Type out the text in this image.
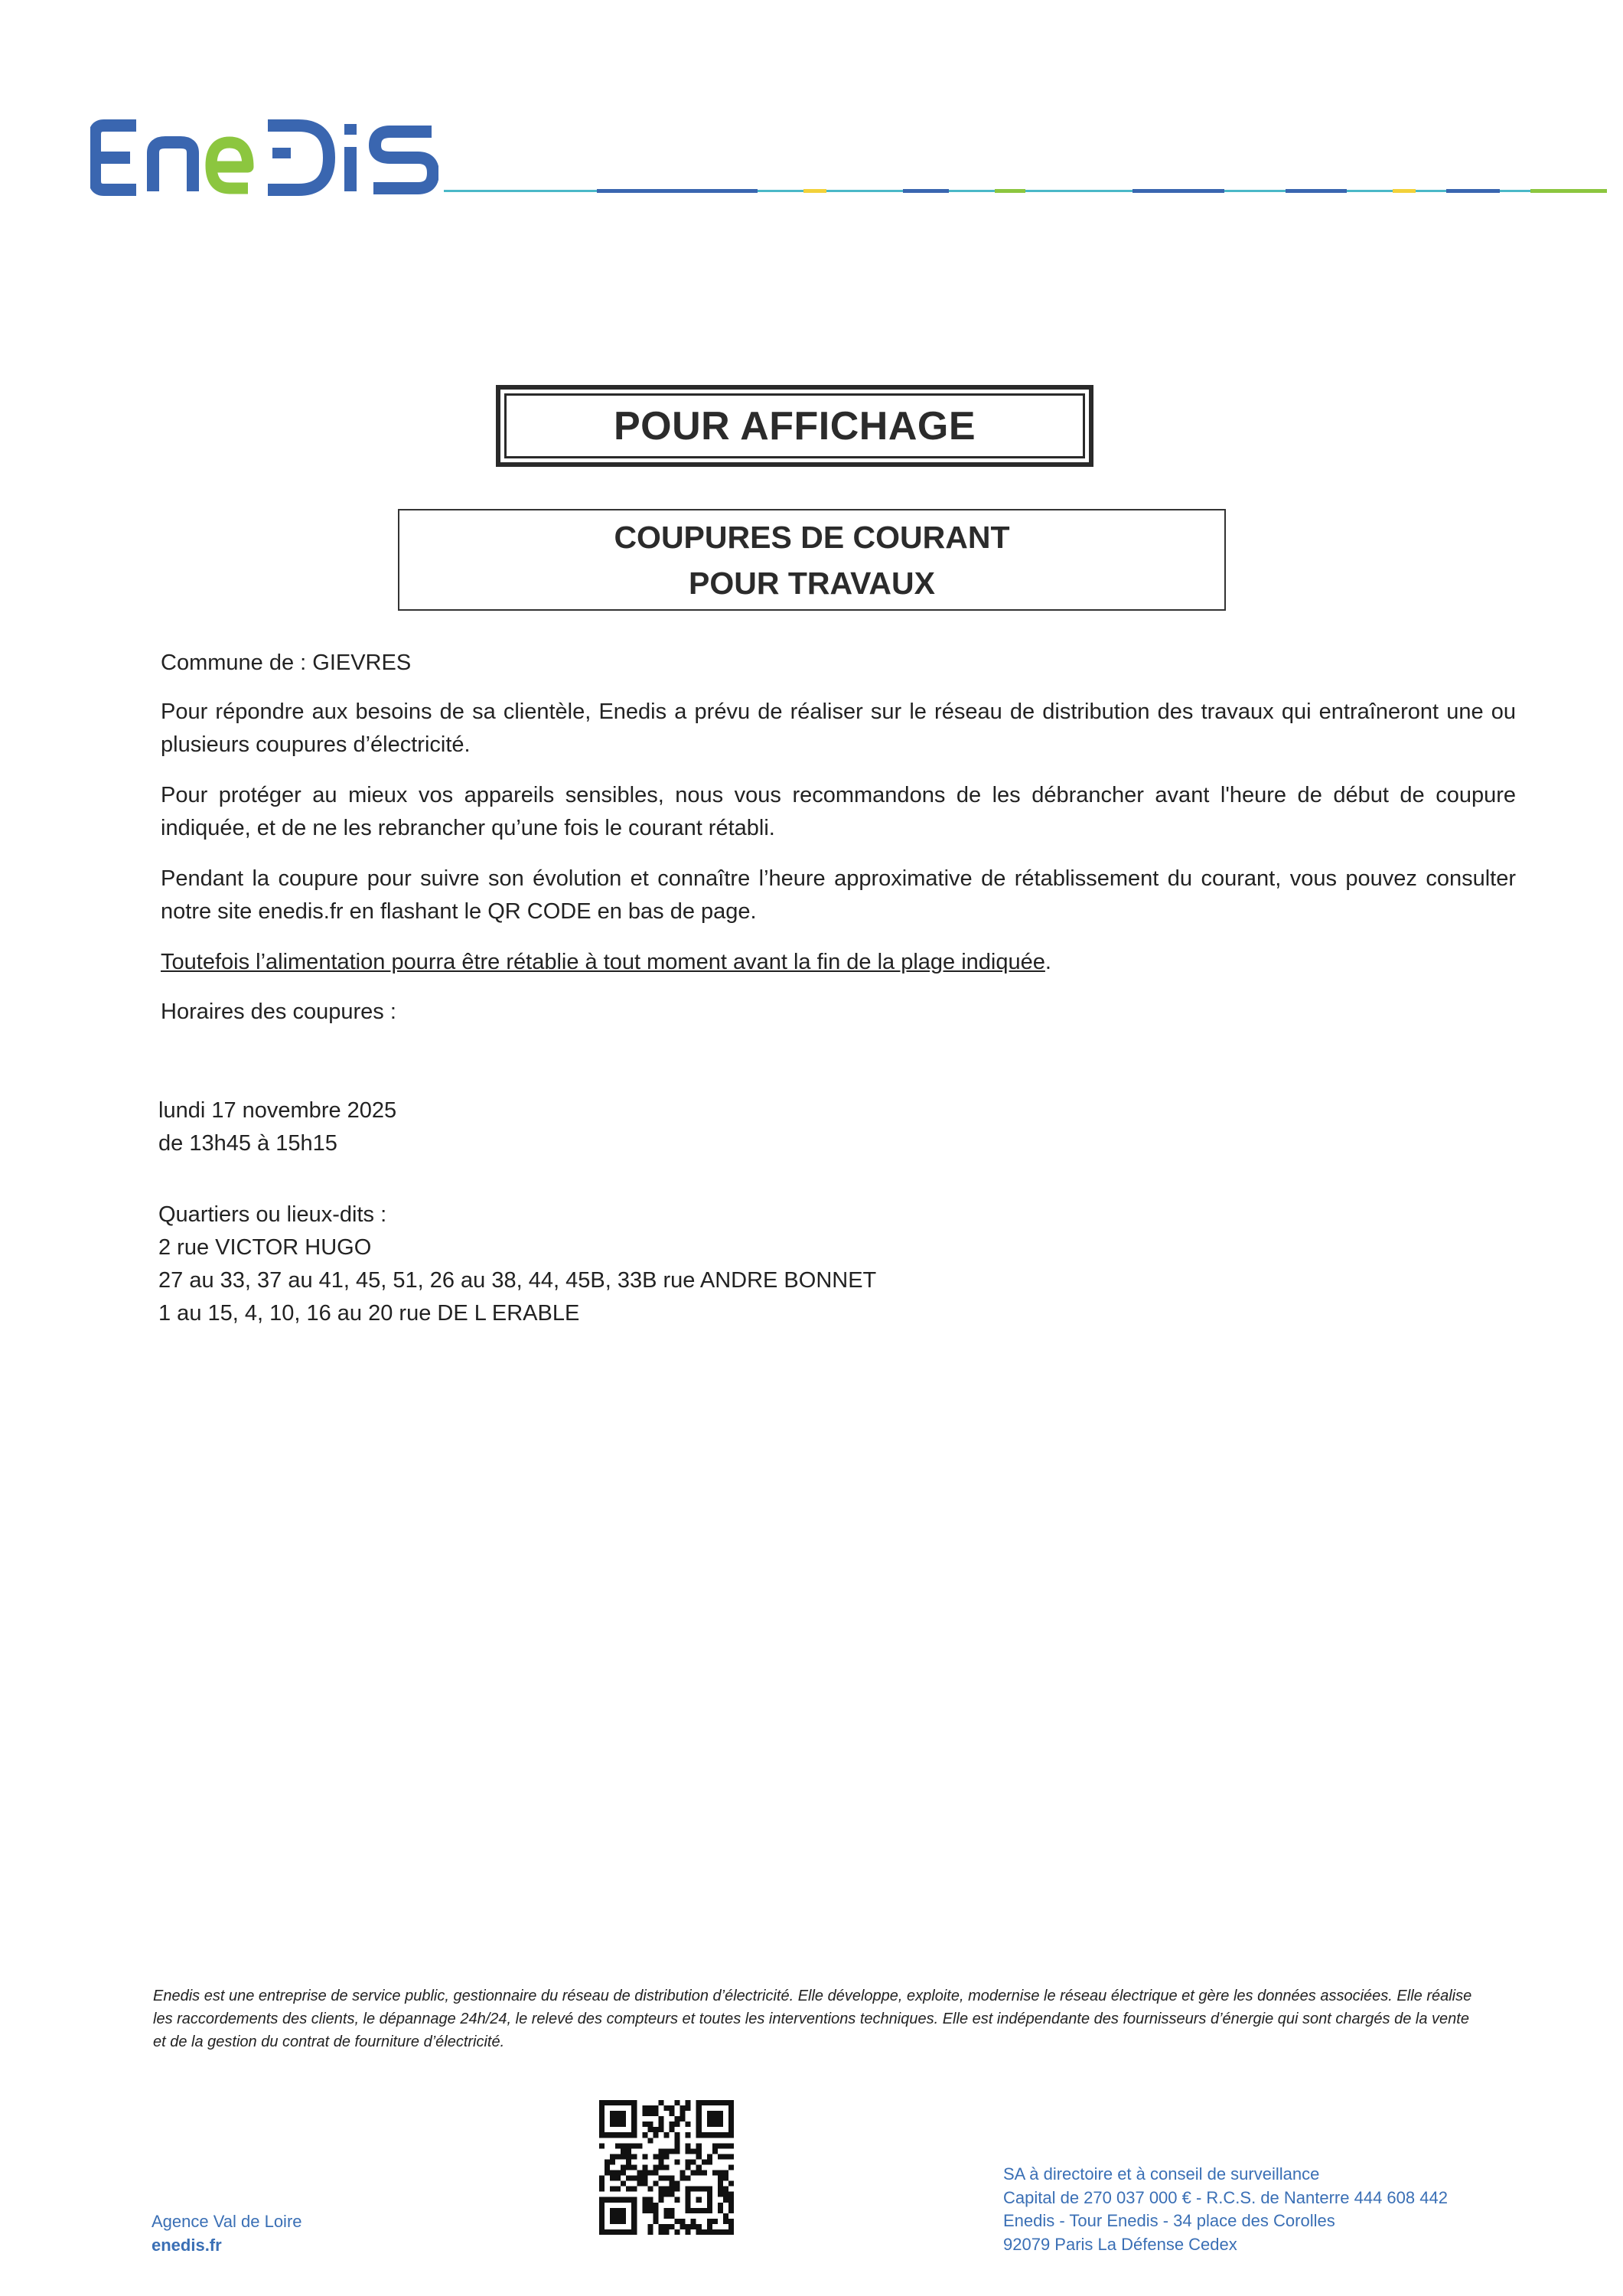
POUR AFFICHAGE
COUPURES DE COURANT
POUR TRAVAUX
Commune de : GIEVRES
Pour répondre aux besoins de sa clientèle, Enedis a prévu de réaliser sur le réseau de distribution des travaux qui entraîneront une ou plusieurs coupures d’électricité.
Pour protéger au mieux vos appareils sensibles, nous vous recommandons de les débrancher avant l'heure de début de coupure indiquée, et de ne les rebrancher qu’une fois le courant rétabli.
Pendant la coupure pour suivre son évolution et connaître l’heure approximative de rétablissement du courant, vous pouvez consulter notre site enedis.fr en flashant le QR CODE en bas de page.
Toutefois l’alimentation pourra être rétablie à tout moment avant la fin de la plage indiquée.
Horaires des coupures :
lundi 17 novembre 2025
de 13h45 à 15h15
Quartiers ou lieux-dits :
2 rue VICTOR HUGO
27 au 33, 37 au 41, 45, 51, 26 au 38, 44, 45B, 33B rue ANDRE BONNET
1 au 15, 4, 10, 16 au 20 rue DE L ERABLE
Enedis est une entreprise de service public, gestionnaire du réseau de distribution d’électricité. Elle développe, exploite, modernise le réseau électrique et gère les données associées. Elle réalise les raccordements des clients, le dépannage 24h/24, le relevé des compteurs et toutes les interventions techniques. Elle est indépendante des fournisseurs d’énergie qui sont chargés de la vente et de la gestion du contrat de fourniture d’électricité.
Agence Val de Loire
enedis.fr
SA à directoire et à conseil de surveillance
Capital de 270 037 000 € - R.C.S. de Nanterre 444 608 442
Enedis - Tour Enedis - 34 place des Corolles
92079 Paris La Défense Cedex
